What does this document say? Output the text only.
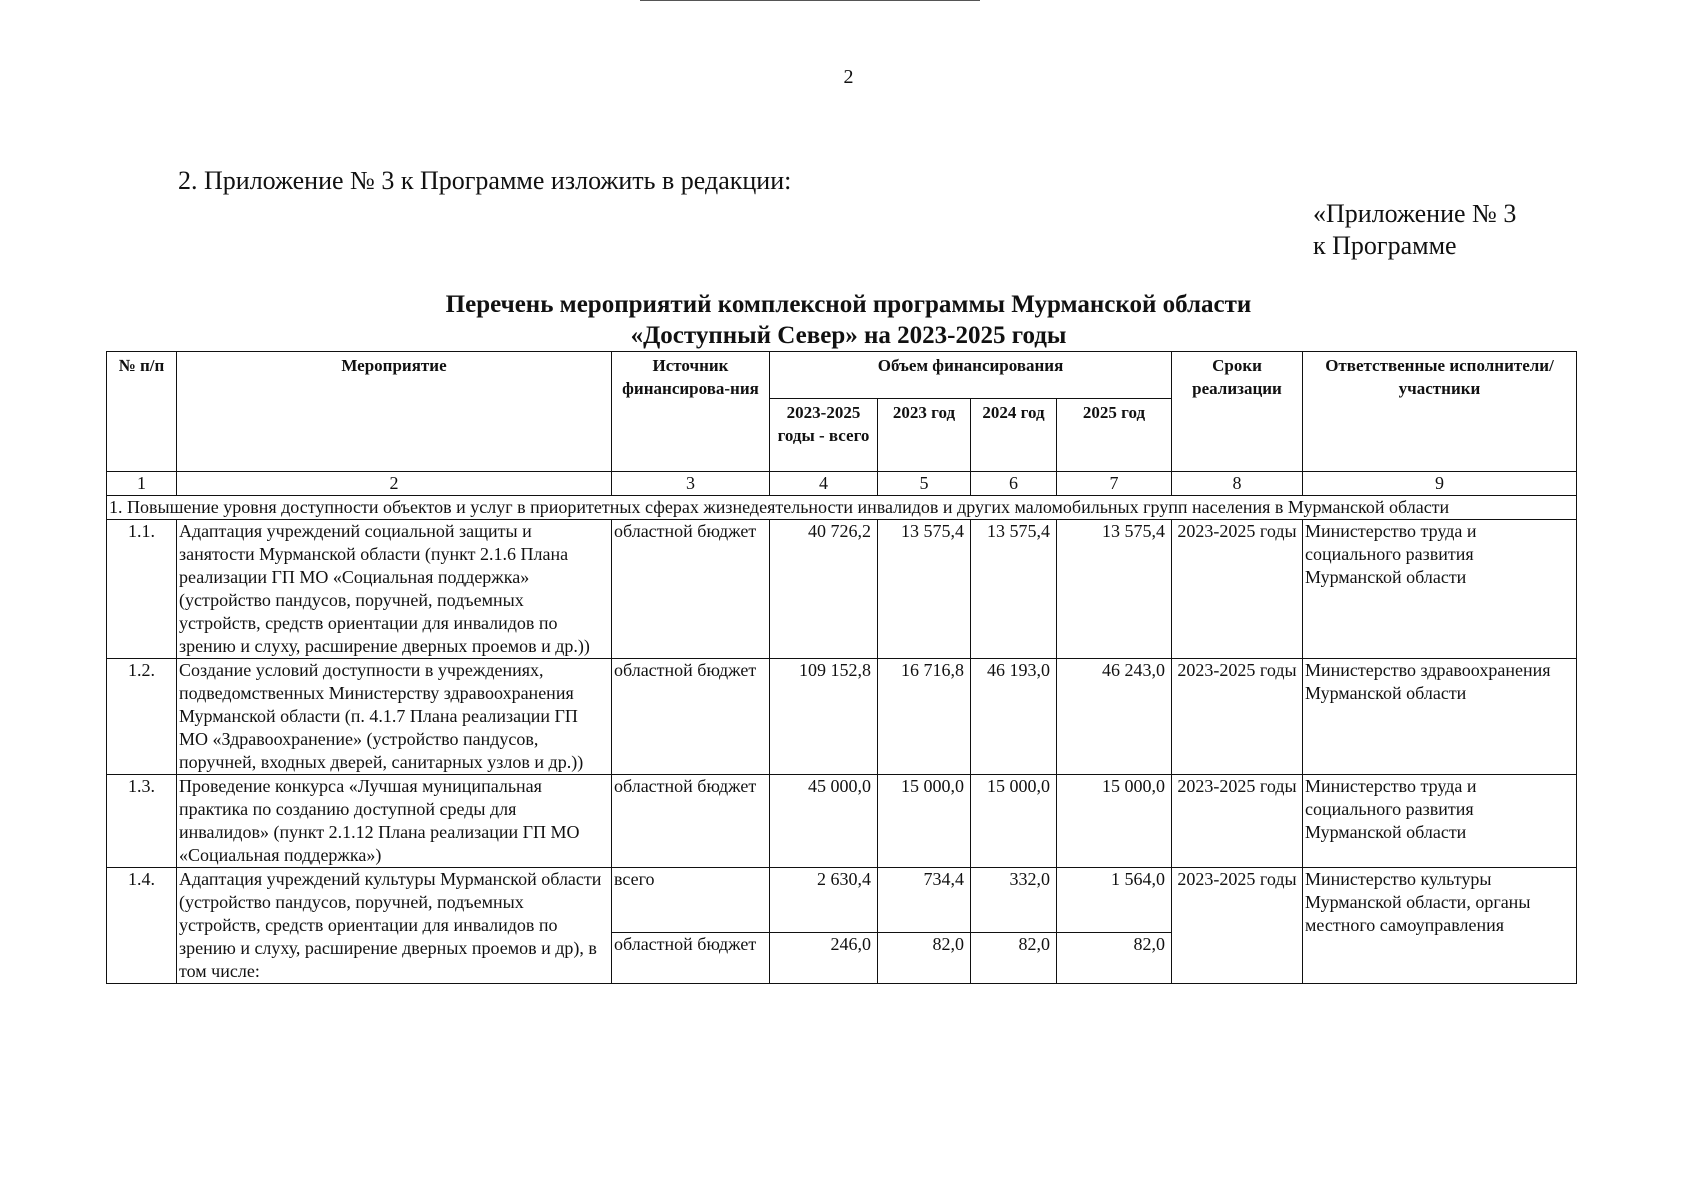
2
2. Приложение № 3 к Программе изложить в редакции:
«Приложение № 3
к Программе
Перечень мероприятий комплексной программы Мурманской области
«Доступный Север» на 2023-2025 годы
№ п/п	Мероприятие	Источник финансирова-ния	Объем финансирования				Сроки реализации	Ответственные исполнители/участники
			2023-2025 годы - всего	2023 год	2024 год	2025 год		
1	2	3	4	5	6	7	8	9
1. Повышение уровня доступности объектов и услуг в приоритетных сферах жизнедеятельности инвалидов и других маломобильных групп населения в Мурманской области								
1.1.	Адаптация учреждений социальной защиты и занятости Мурманской области (пункт 2.1.6 Плана реализации ГП МО «Социальная поддержка» (устройство пандусов, поручней, подъемных устройств, средств ориентации для инвалидов по зрению и слуху, расширение дверных проемов и др.))	областной бюджет	40 726,2	13 575,4	13 575,4	13 575,4	2023-2025 годы	Министерство труда и социального развития Мурманской области
1.2.	Создание условий доступности в учреждениях, подведомственных Министерству здравоохранения Мурманской области (п. 4.1.7 Плана реализации ГП МО «Здравоохранение» (устройство пандусов, поручней, входных дверей, санитарных узлов и др.))	областной бюджет	109 152,8	16 716,8	46 193,0	46 243,0	2023-2025 годы	Министерство здравоохранения Мурманской области
1.3.	Проведение конкурса «Лучшая муниципальная практика по созданию доступной среды для инвалидов» (пункт 2.1.12 Плана реализации ГП МО «Социальная поддержка»)	областной бюджет	45 000,0	15 000,0	15 000,0	15 000,0	2023-2025 годы	Министерство труда и социального развития Мурманской области
1.4.	Адаптация учреждений культуры Мурманской области (устройство пандусов, поручней, подъемных устройств, средств ориентации для инвалидов по зрению и слуху, расширение дверных проемов и др), в том числе:	всего	2 630,4	734,4	332,0	1 564,0	2023-2025 годы	Министерство культуры Мурманской области, органы местного самоуправления
		областной бюджет	246,0	82,0	82,0	82,0		
